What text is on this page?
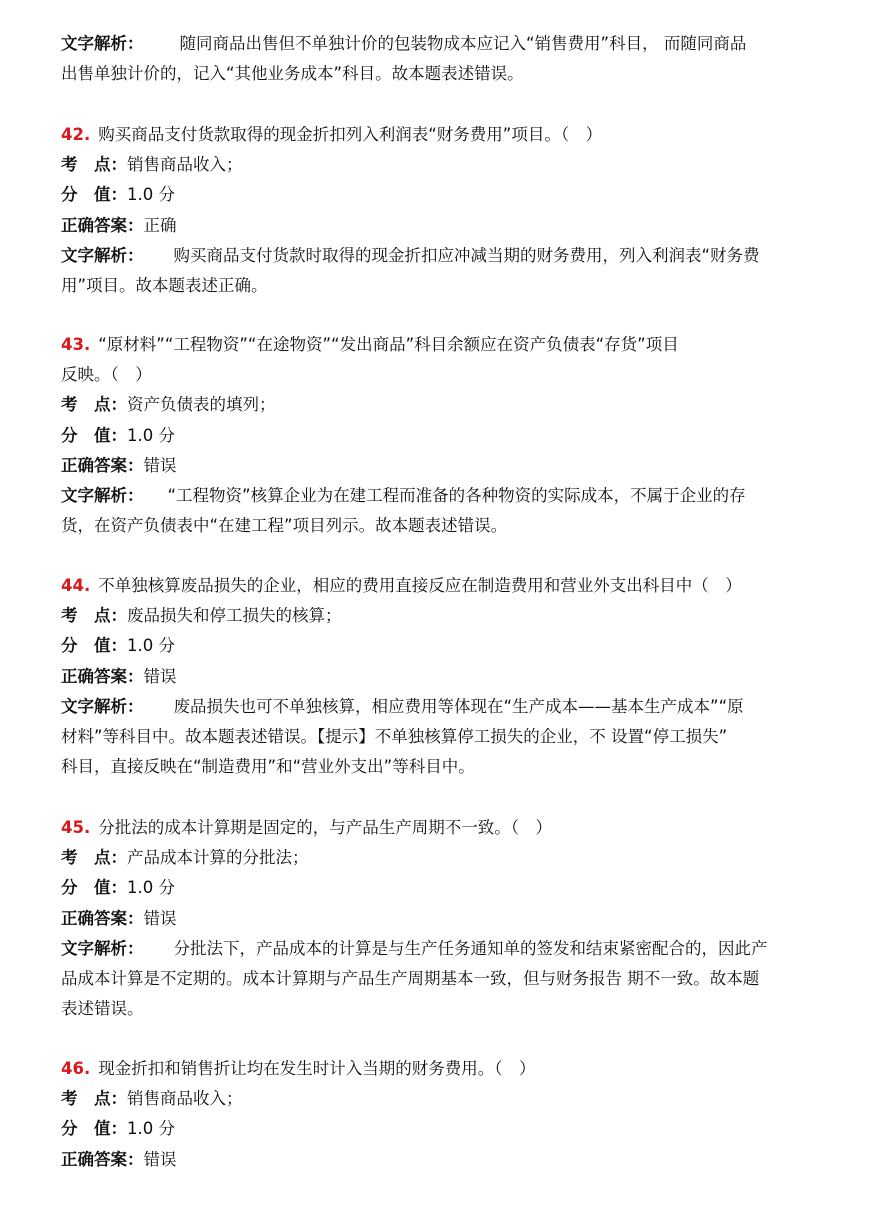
文字解析： 随同商品出售但不单独计价的包装物成本应记入“销售费用”科目， 而随同商品
出售单独计价的，记入“其他业务成本”科目。故本题表述错误。
42. 购买商品支付货款取得的现金折扣列入利润表“财务费用”项目。（　）
考　点：销售商品收入；
分　值：1.0 分
正确答案：正确
文字解析： 购买商品支付货款时取得的现金折扣应冲减当期的财务费用，列入利润表“财务费
用”项目。故本题表述正确。
43. “原材料”“工程物资”“在途物资”“发出商品”科目余额应在资产负债表“存货”项目
反映。（　）
考　点：资产负债表的填列；
分　值：1.0 分
正确答案：错误
文字解析： “工程物资”核算企业为在建工程而准备的各种物资的实际成本，不属于企业的存
货，在资产负债表中“在建工程”项目列示。故本题表述错误。
44. 不单独核算废品损失的企业，相应的费用直接反应在制造费用和营业外支出科目中（　）
考　点：废品损失和停工损失的核算；
分　值：1.0 分
正确答案：错误
文字解析： 废品损失也可不单独核算，相应费用等体现在“生产成本——基本生产成本”“原
材料”等科目中。故本题表述错误。【提示】不单独核算停工损失的企业，不 设置“停工损失”
科目，直接反映在“制造费用”和“营业外支出”等科目中。
45. 分批法的成本计算期是固定的，与产品生产周期不一致。（　）
考　点：产品成本计算的分批法；
分　值：1.0 分
正确答案：错误
文字解析： 分批法下，产品成本的计算是与生产任务通知单的签发和结束紧密配合的，因此产
品成本计算是不定期的。成本计算期与产品生产周期基本一致，但与财务报告 期不一致。故本题
表述错误。
46. 现金折扣和销售折让均在发生时计入当期的财务费用。（　）
考　点：销售商品收入；
分　值：1.0 分
正确答案：错误
